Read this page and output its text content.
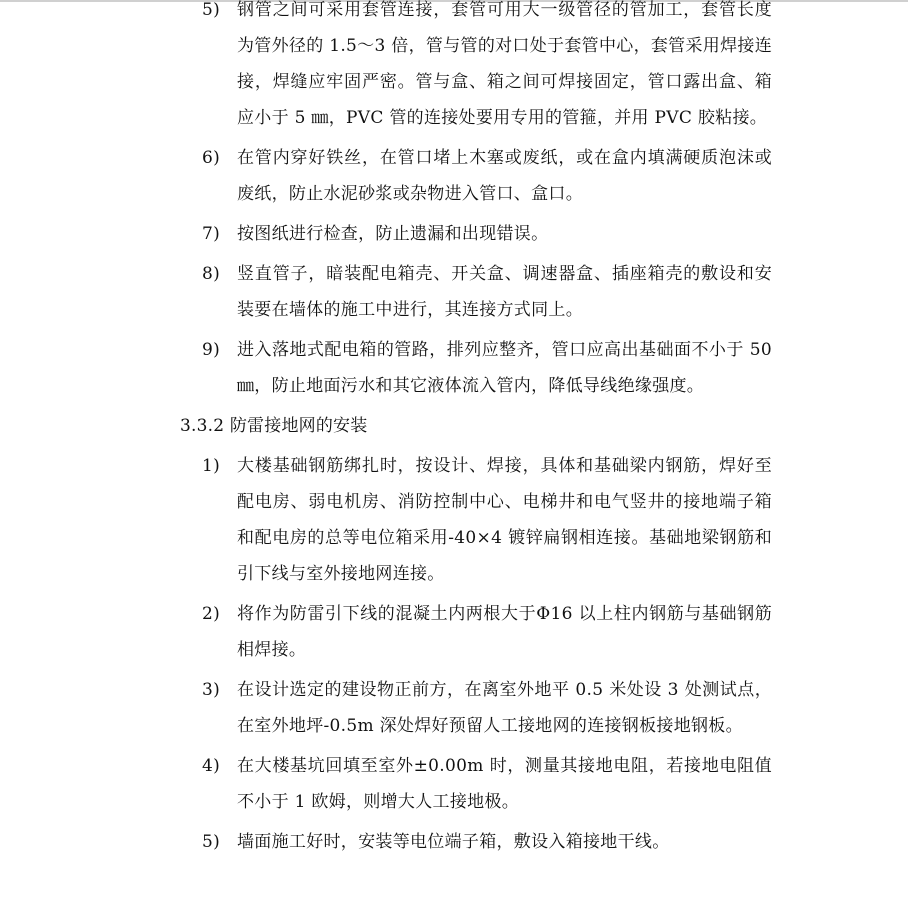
5) 钢管之间可采用套管连接，套管可用大一级管径的管加工，套管长度为管外径的 1.5～3 倍，管与管的对口处于套管中心，套管采用焊接连接，焊缝应牢固严密。管与盒、箱之间可焊接固定，管口露出盒、箱应小于 5 ㎜，PVC 管的连接处要用专用的管箍，并用 PVC 胶粘接。
6) 在管内穿好铁丝，在管口堵上木塞或废纸，或在盒内填满硬质泡沫或废纸，防止水泥砂浆或杂物进入管口、盒口。
7) 按图纸进行检查，防止遗漏和出现错误。
8) 竖直管子，暗装配电箱壳、开关盒、调速器盒、插座箱壳的敷设和安装要在墙体的施工中进行，其连接方式同上。
9) 进入落地式配电箱的管路，排列应整齐，管口应高出基础面不小于 50 ㎜，防止地面污水和其它液体流入管内，降低导线绝缘强度。
3.3.2 防雷接地网的安装
1) 大楼基础钢筋绑扎时，按设计、焊接，具体和基础梁内钢筋，焊好至配电房、弱电机房、消防控制中心、电梯井和电气竖井的接地端子箱和配电房的总等电位箱采用-40×4 镀锌扁钢相连接。基础地梁钢筋和引下线与室外接地网连接。
2) 将作为防雷引下线的混凝土内两根大于Φ16 以上柱内钢筋与基础钢筋相焊接。
3) 在设计选定的建设物正前方，在离室外地平 0.5 米处设 3 处测试点，在室外地坪-0.5m 深处焊好预留人工接地网的连接钢板接地钢板。
4) 在大楼基坑回填至室外±0.00m 时，测量其接地电阻，若接地电阻值不小于 1 欧姆，则增大人工接地极。
5) 墙面施工好时，安装等电位端子箱，敷设入箱接地干线。
